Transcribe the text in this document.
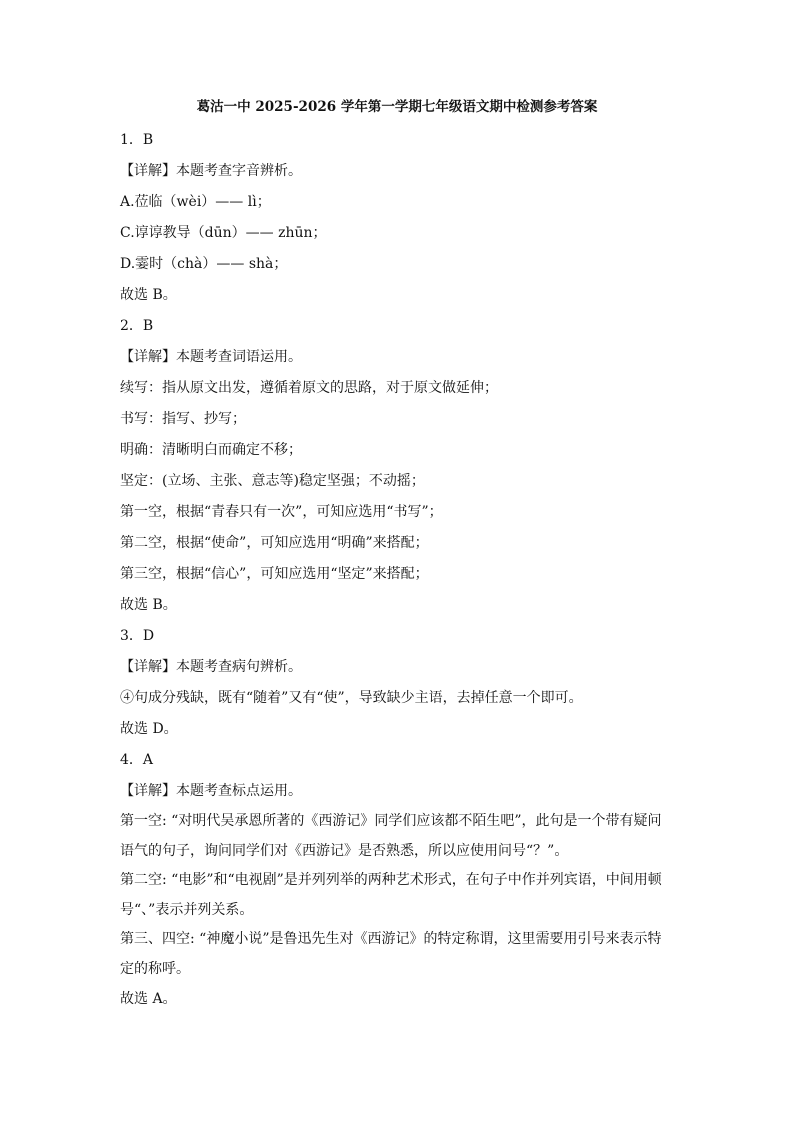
葛沽一中 2025-2026 学年第一学期七年级语文期中检测参考答案

1．B

【详解】本题考查字音辨析。

A.莅临（wèi）—— lì；

C.谆谆教导（dūn）—— zhūn；

D.霎时（chà）—— shà；

故选 B。

2．B

【详解】本题考查词语运用。

续写：指从原文出发，遵循着原文的思路，对于原文做延伸；

书写：指写、抄写；

明确：清晰明白而确定不移；

坚定：(立场、主张、意志等)稳定坚强；不动摇；

第一空，根据“青春只有一次”，可知应选用“书写”；

第二空，根据“使命”，可知应选用“明确”来搭配；

第三空，根据“信心”，可知应选用“坚定”来搭配；

故选 B。

3．D

【详解】本题考查病句辨析。

④句成分残缺，既有“随着”又有“使”，导致缺少主语，去掉任意一个即可。

故选 D。

4．A

【详解】本题考查标点运用。

第一空: “对明代吴承恩所著的《西游记》同学们应该都不陌生吧”，此句是一个带有疑问语气的句子，询问同学们对《西游记》是否熟悉，所以应使用问号“？”。

第二空: “电影”和“电视剧”是并列列举的两种艺术形式，在句子中作并列宾语，中间用顿号“、”表示并列关系。

第三、四空: “神魔小说”是鲁迅先生对《西游记》的特定称谓，这里需要用引号来表示特定的称呼。

故选 A。
